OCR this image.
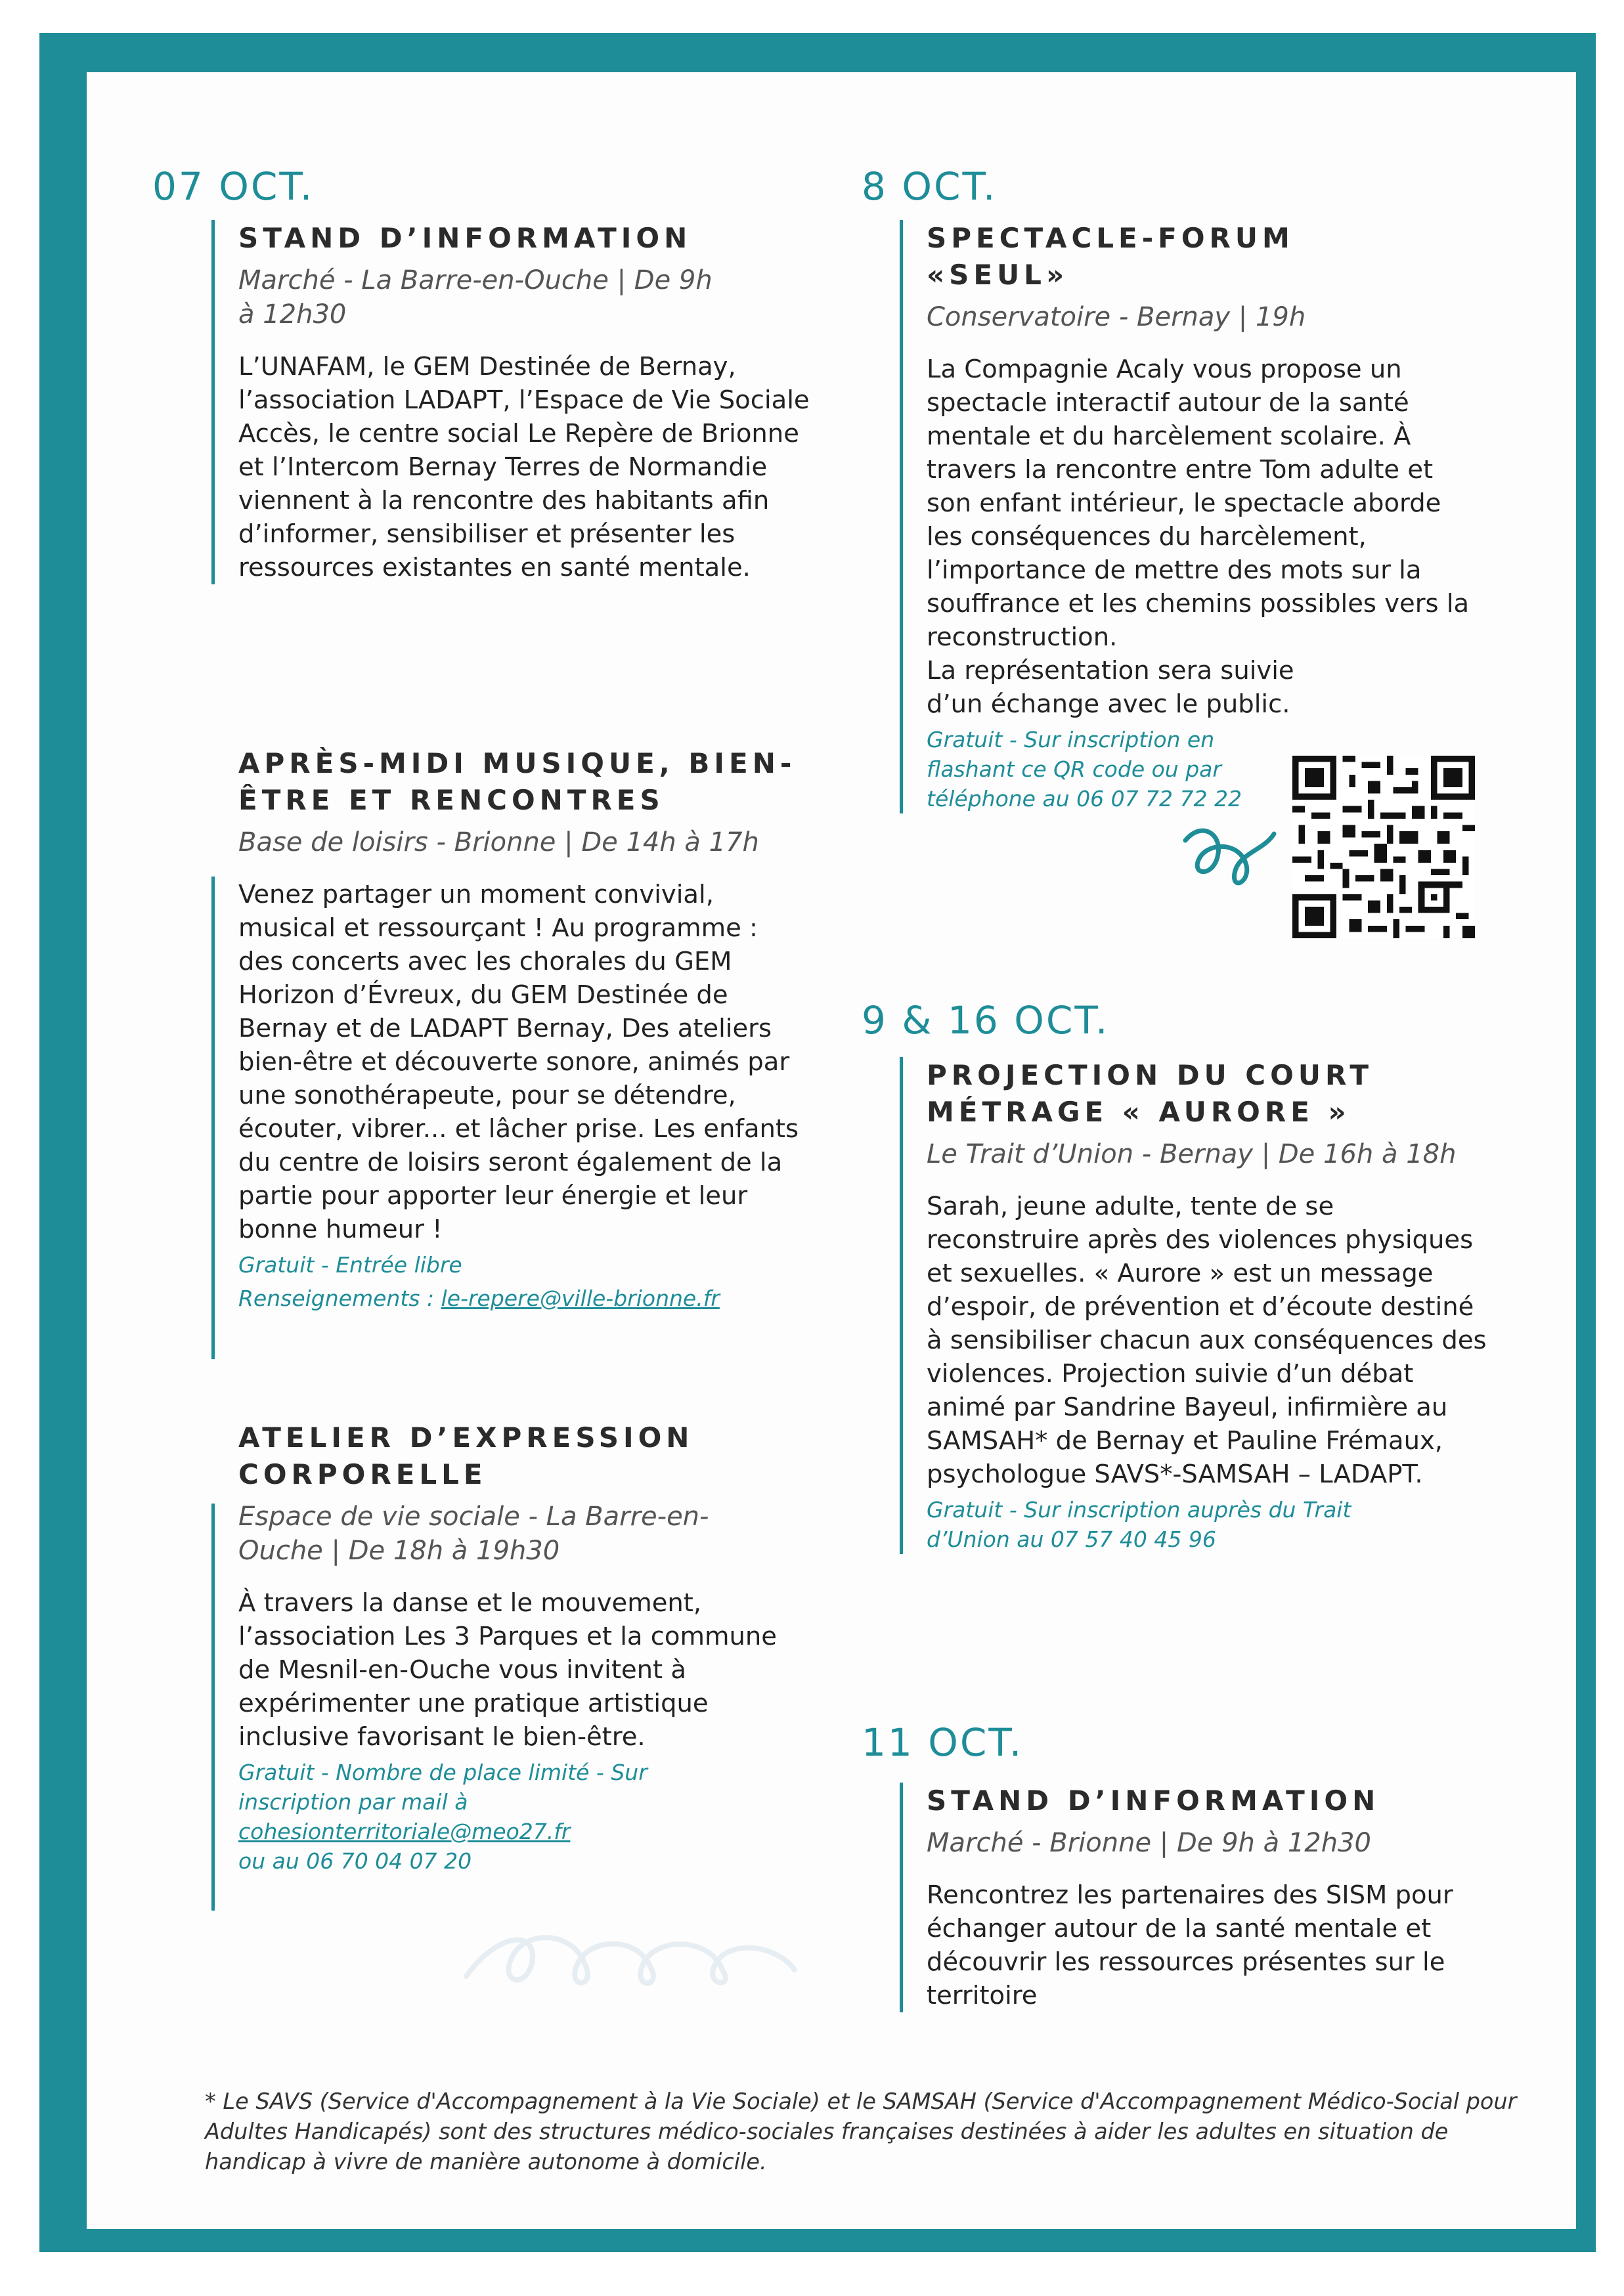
07 OCT.
STAND D’INFORMATION

Marché - La Barre-en-Ouche | De 9h à 12h30

L’UNAFAM, le GEM Destinée de Bernay, l’association LADAPT, l’Espace de Vie Sociale Accès, le centre social Le Repère de Brionne et l’Intercom Bernay Terres de Normandie viennent à la rencontre des habitants afin d’informer, sensibiliser et présenter les ressources existantes en santé mentale.

APRÈS-MIDI MUSIQUE, BIEN-ÊTRE ET RENCONTRES

Base de loisirs - Brionne | De 14h à 17h

Venez partager un moment convivial, musical et ressourçant ! Au programme : des concerts avec les chorales du GEM Horizon d’Évreux, du GEM Destinée de Bernay et de LADAPT Bernay, Des ateliers bien-être et découverte sonore, animés par une sonothérapeute, pour se détendre, écouter, vibrer... et lâcher prise. Les enfants du centre de loisirs seront également de la partie pour apporter leur énergie et leur bonne humeur !

Gratuit - Entrée libre

Renseignements : le-repere@ville-brionne.fr

ATELIER D’EXPRESSION CORPORELLE

Espace de vie sociale - La Barre-en-Ouche | De 18h à 19h30

À travers la danse et le mouvement, l’association Les 3 Parques et la commune de Mesnil-en-Ouche vous invitent à expérimenter une pratique artistique inclusive favorisant le bien-être.

Gratuit - Nombre de place limité - Sur inscription par mail à

cohesionterritoriale@meo27.fr

ou au 06 70 04 07 20

8 OCT.
SPECTACLE-FORUM «SEUL»

Conservatoire - Bernay | 19h

La Compagnie Acaly vous propose un spectacle interactif autour de la santé mentale et du harcèlement scolaire. À travers la rencontre entre Tom adulte et son enfant intérieur, le spectacle aborde les conséquences du harcèlement, l’importance de mettre des mots sur la souffrance et les chemins possibles vers la reconstruction.

La représentation sera suivie d’un échange avec le public.

Gratuit - Sur inscription en flashant ce QR code ou par téléphone au 06 07 72 72 22

9 & 16 OCT.
PROJECTION DU COURT MÉTRAGE « AURORE »

Le Trait d’Union - Bernay | De 16h à 18h

Sarah, jeune adulte, tente de se reconstruire après des violences physiques et sexuelles. « Aurore » est un message d’espoir, de prévention et d’écoute destiné à sensibiliser chacun aux conséquences des violences. Projection suivie d’un débat animé par Sandrine Bayeul, infirmière au SAMSAH* de Bernay et Pauline Frémaux, psychologue SAVS*-SAMSAH – LADAPT.

Gratuit - Sur inscription auprès du Trait d’Union au 07 57 40 45 96

11 OCT.
STAND D’INFORMATION

Marché - Brionne | De 9h à 12h30

Rencontrez les partenaires des SISM pour échanger autour de la santé mentale et découvrir les ressources présentes sur le territoire

* Le SAVS (Service d'Accompagnement à la Vie Sociale) et le SAMSAH (Service d'Accompagnement Médico-Social pour Adultes Handicapés) sont des structures médico-sociales françaises destinées à aider les adultes en situation de handicap à vivre de manière autonome à domicile.
